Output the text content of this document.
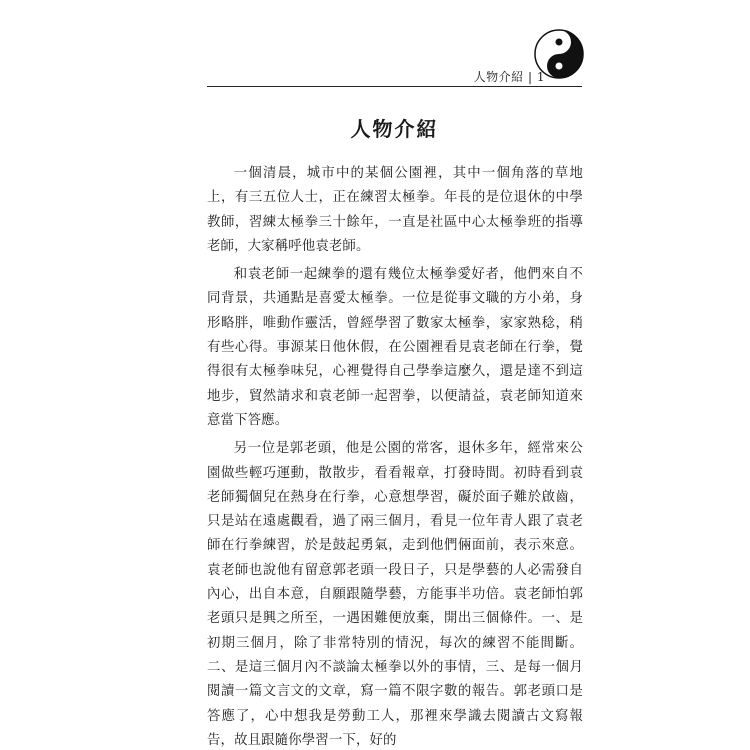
人物介紹 | 1
人物介紹

一個清晨，城市中的某個公園裡，其中一個角落的草地上，有三五位人士，正在練習太極拳。年長的是位退休的中學教師，習練太極拳三十餘年，一直是社區中心太極拳班的指導老師，大家稱呼他袁老師。

和袁老師一起練拳的還有幾位太極拳愛好者，他們來自不同背景，共通點是喜愛太極拳。一位是從事文職的方小弟，身形略胖，唯動作靈活，曾經學習了數家太極拳，家家熟稔，稍有些心得。事源某日他休假，在公園裡看見袁老師在行拳，覺得很有太極拳味兒，心裡覺得自己學拳這麼久，還是達不到這地步，貿然請求和袁老師一起習拳，以便請益，袁老師知道來意當下答應。

另一位是郭老頭，他是公園的常客，退休多年，經常來公園做些輕巧運動，散散步，看看報章，打發時間。初時看到袁老師獨個兒在熱身在行拳，心意想學習，礙於面子難於啟齒，只是站在遠處觀看，過了兩三個月，看見一位年青人跟了袁老師在行拳練習，於是鼓起勇氣，走到他們倆面前，表示來意。袁老師也說他有留意郭老頭一段日子，只是學藝的人必需發自內心，出自本意，自願跟隨學藝，方能事半功倍。袁老師怕郭老頭只是興之所至，一遇困難便放棄，開出三個條件。一、是初期三個月，除了非常特別的情況，每次的練習不能間斷。二、是這三個月內不談論太極拳以外的事情，三、是每一個月閱讀一篇文言文的文章，寫一篇不限字數的報告。郭老頭口是答應了，心中想我是勞動工人，那裡來學識去閱讀古文寫報告，故且跟隨你學習一下，好的
